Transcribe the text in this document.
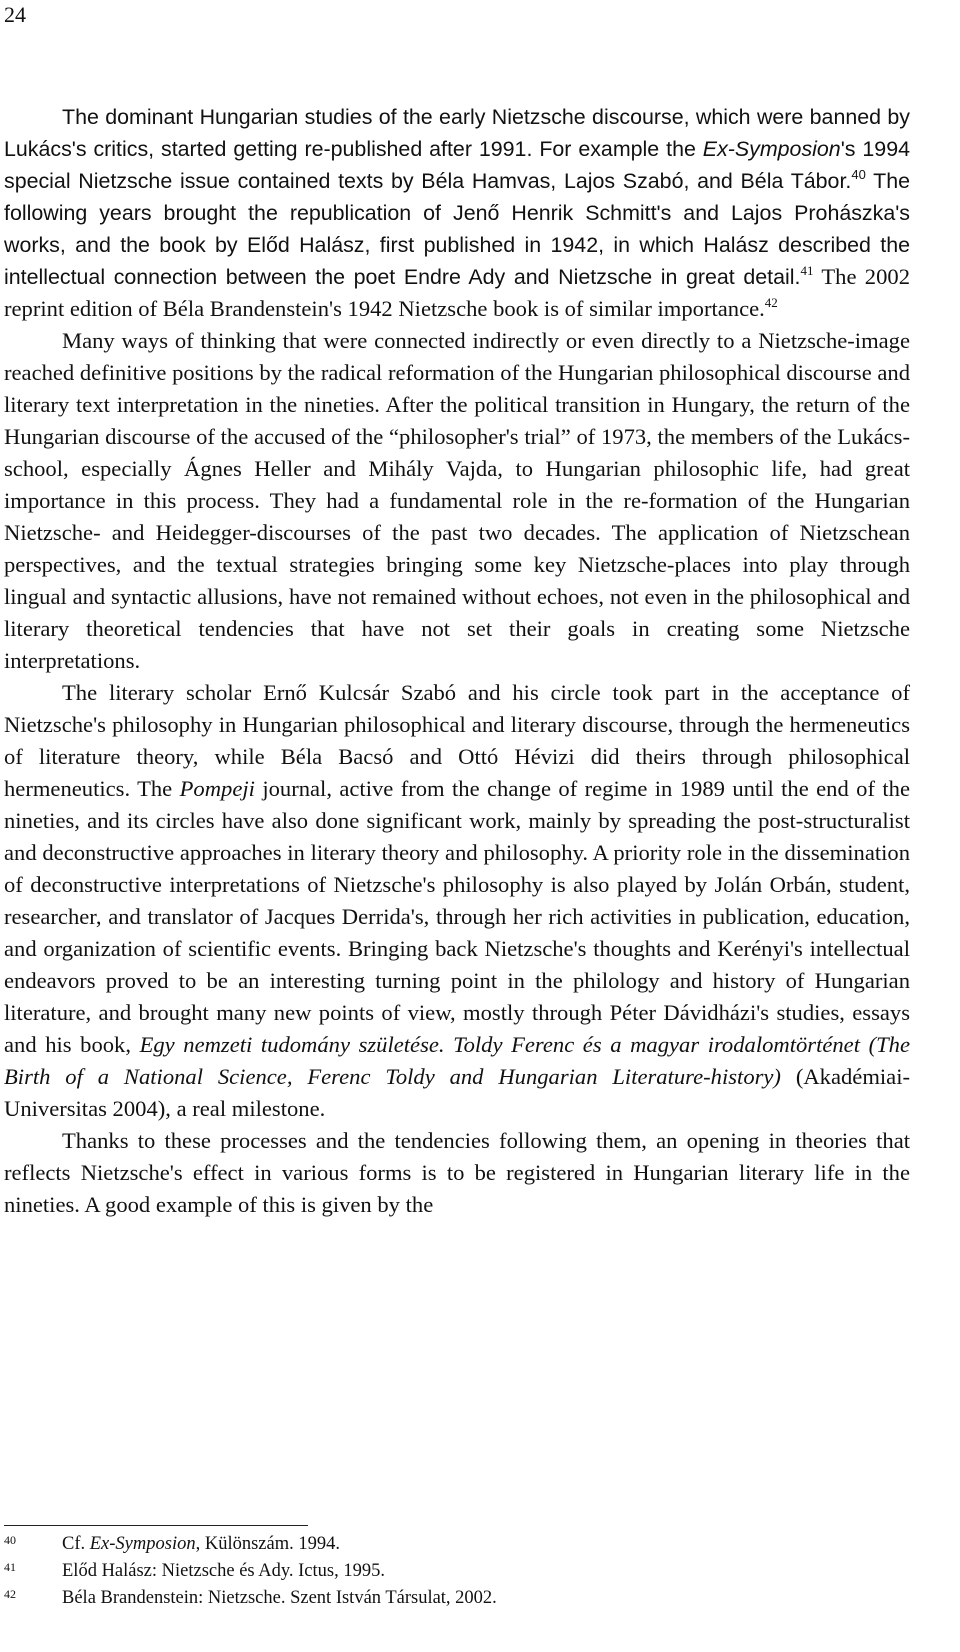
24

The dominant Hungarian studies of the early Nietzsche discourse, which were banned by Lukács's critics, started getting re-published after 1991. For example the Ex-Symposion's 1994 special Nietzsche issue contained texts by Béla Hamvas, Lajos Szabó, and Béla Tábor.$^{40}$ The following years brought the republication of Jenő Henrik Schmitt's and Lajos Prohászka's works, and the book by Előd Halász, first published in 1942, in which Halász described the intellectual connection between the poet Endre Ady and Nietzsche in great detail.$^{41}$ The 2002 reprint edition of Béla Brandenstein's 1942 Nietzsche book is of similar importance.$^{42}$

Many ways of thinking that were connected indirectly or even directly to a Nietzsche-image reached definitive positions by the radical reformation of the Hungarian philosophical discourse and literary text interpretation in the nineties. After the political transition in Hungary, the return of the Hungarian discourse of the accused of the “philosopher's trial” of 1973, the members of the Lukács-school, especially Ágnes Heller and Mihály Vajda, to Hungarian philosophic life, had great importance in this process. They had a fundamental role in the re-formation of the Hungarian Nietzsche- and Heidegger-discourses of the past two decades. The application of Nietzschean perspectives, and the textual strategies bringing some key Nietzsche-places into play through lingual and syntactic allusions, have not remained without echoes, not even in the philosophical and literary theoretical tendencies that have not set their goals in creating some Nietzsche interpretations.

The literary scholar Ernő Kulcsár Szabó and his circle took part in the acceptance of Nietzsche's philosophy in Hungarian philosophical and literary discourse, through the hermeneutics of literature theory, while Béla Bacsó and Ottó Hévizi did theirs through philosophical hermeneutics. The Pompeji journal, active from the change of regime in 1989 until the end of the nineties, and its circles have also done significant work, mainly by spreading the post-structuralist and deconstructive approaches in literary theory and philosophy. A priority role in the dissemination of deconstructive interpretations of Nietzsche's philosophy is also played by Jolán Orbán, student, researcher, and translator of Jacques Derrida's, through her rich activities in publication, education, and organization of scientific events. Bringing back Nietzsche's thoughts and Kerényi's intellectual endeavors proved to be an interesting turning point in the philology and history of Hungarian literature, and brought many new points of view, mostly through Péter Dávidházi's studies, essays and his book, Egy nemzeti tudomány születése. Toldy Ferenc és a magyar irodalomtörténet (The Birth of a National Science, Ferenc Toldy and Hungarian Literature-history) (Akadémiai-Universitas 2004), a real milestone.

Thanks to these processes and the tendencies following them, an opening in theories that reflects Nietzsche's effect in various forms is to be registered in Hungarian literary life in the nineties. A good example of this is given by the

40	Cf. Ex-Symposion, Különszám. 1994.
41	Előd Halász: Nietzsche és Ady. Ictus, 1995.
42	Béla Brandenstein: Nietzsche. Szent István Társulat, 2002.
